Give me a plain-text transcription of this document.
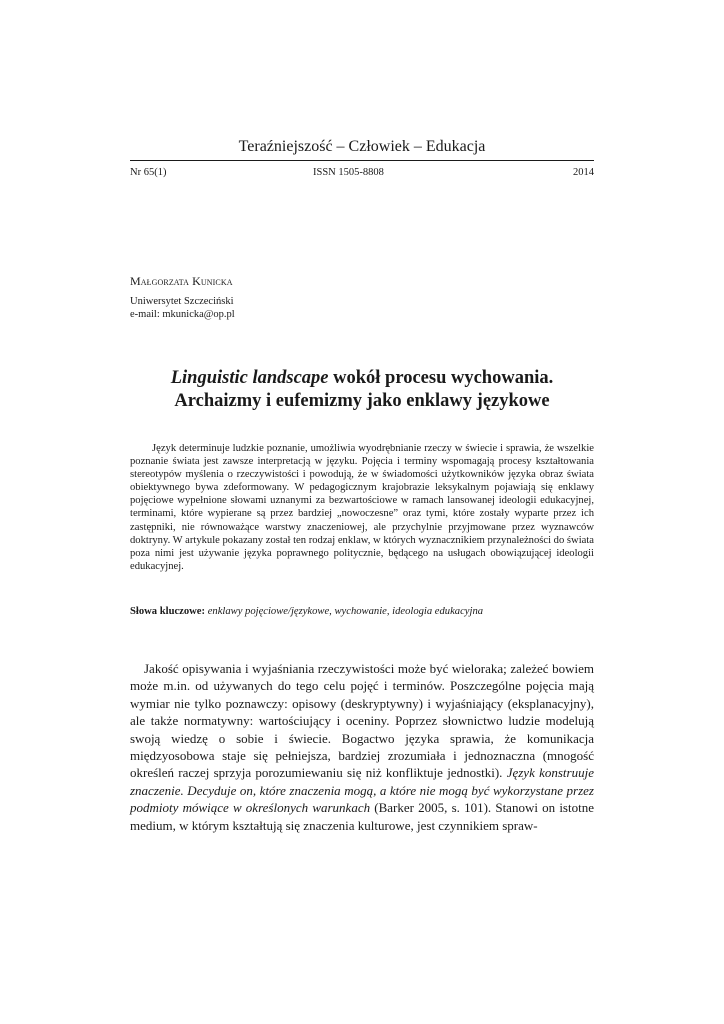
Teraźniejszość – Człowiek – Edukacja
Nr 65(1)	ISSN 1505-8808	2014
Małgorzata Kunicka
Uniwersytet Szczeciński
e-mail: mkunicka@op.pl
Linguistic landscape wokół procesu wychowania.
Archaizmy i eufemizmy jako enklawy językowe

Język determinuje ludzkie poznanie, umożliwia wyodrębnianie rzeczy w świecie i sprawia, że wszelkie poznanie świata jest zawsze interpretacją w języku. Pojęcia i terminy wspomagają procesy kształtowania stereotypów myślenia o rzeczywistości i powodują, że w świadomości użytkowników języka obraz świata obiektywnego bywa zdeformowany. W pedagogicznym krajobrazie leksykalnym pojawiają się enklawy pojęciowe wypełnione słowami uznanymi za bezwartościowe w ramach lansowanej ideologii edukacyjnej, terminami, które wypierane są przez bardziej „nowoczesne” oraz tymi, które zostały wyparte przez ich zastępniki, nie równoważące warstwy znaczeniowej, ale przychylnie przyjmowane przez wyznawców doktryny. W artykule pokazany został ten rodzaj enklaw, w których wyznacznikiem przynależności do świata poza nimi jest używanie języka poprawnego politycznie, będącego na usługach obowiązującej ideologii edukacyjnej.

Słowa kluczowe: enklawy pojęciowe/językowe, wychowanie, ideologia edukacyjna

Jakość opisywania i wyjaśniania rzeczywistości może być wieloraka; zależeć bowiem może m.in. od używanych do tego celu pojęć i terminów. Poszczególne pojęcia mają wymiar nie tylko poznawczy: opisowy (deskryptywny) i wyjaśniający (eksplanacyjny), ale także normatywny: wartościujący i oceniny. Poprzez słownictwo ludzie modelują swoją wiedzę o sobie i świecie. Bogactwo języka sprawia, że komunikacja międzyosobowa staje się pełniejsza, bardziej zrozumiała i jednoznaczna (mnogość określeń raczej sprzyja porozumiewaniu się niż konfliktuje jednostki). Język konstruuje znaczenie. Decyduje on, które znaczenia mogą, a które nie mogą być wykorzystane przez podmioty mówiące w określonych warunkach (Barker 2005, s. 101). Stanowi on istotne medium, w którym kształtują się znaczenia kulturowe, jest czynnikiem spraw-
